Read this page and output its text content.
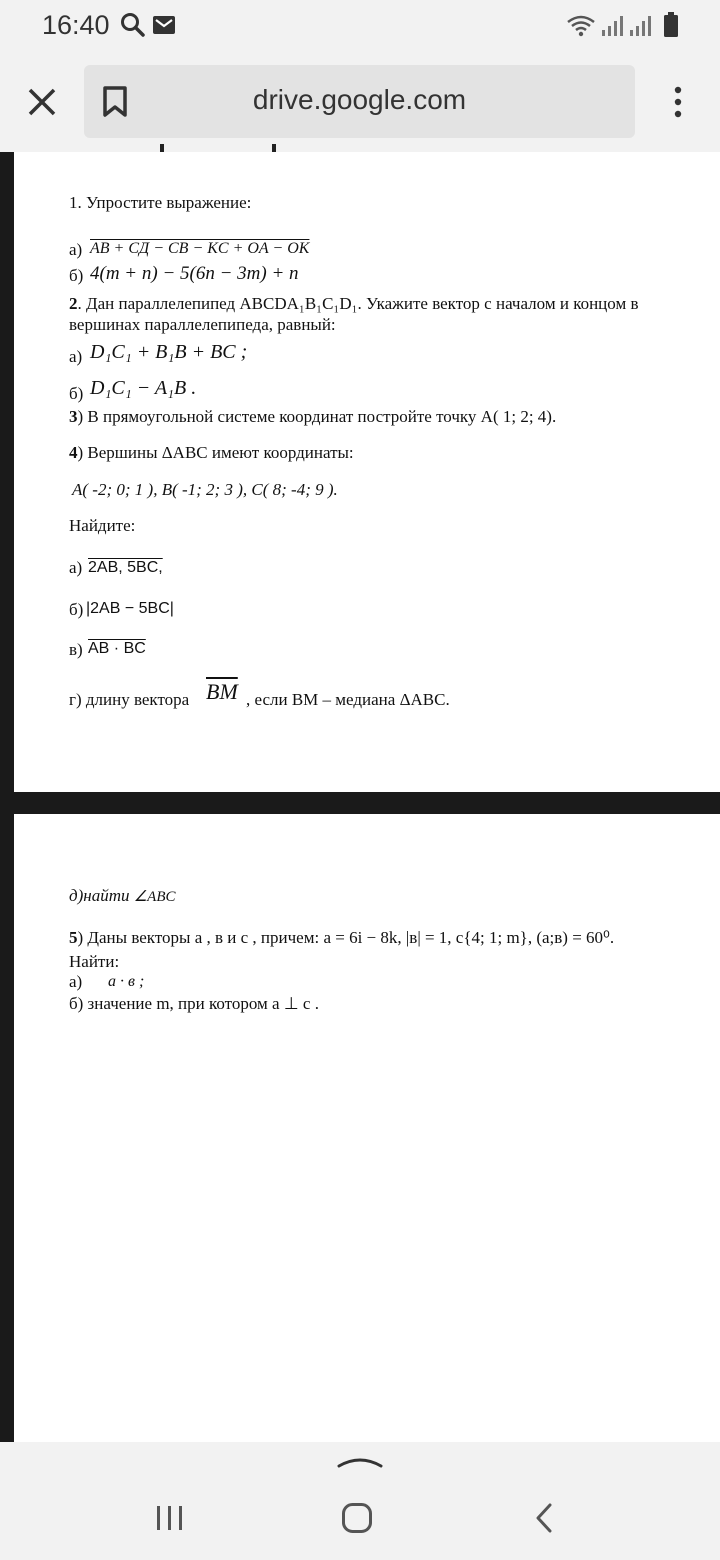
16:40
drive.google.com
1. Упростите выражение:
а) AB + СД − CB − KC + OA − OK
б) 4(m + n) − 5(6n − 3m) + n
2. Дан параллелепипед ABCDA₁B₁C₁D₁. Укажите вектор с началом и концом в
вершинах параллелепипеда, равный:
а) D₁C₁ + B₁B + BC ;
б) D₁C₁ − A₁B .
3) В прямоугольной системе координат постройте точку A( 1; 2; 4).
4) Вершины ΔABC имеют координаты:
A( -2; 0; 1 ), B( -1; 2; 3 ), C( 8; -4; 9 ).
Найдите:
а) 2AB, 5BC,
б) |2AB − 5BC|
в) AB · BC
г) длину вектора $\overline{BM}$ , если BM – медиана ΔABC.
д)найти ∠ABC
5) Даны векторы a , в и c , причем: a = 6i − 8k, |в| = 1, c{4; 1; m}, (a;в) = 60⁰.
Найти:
а) a · в ;
б) значение m, при котором a ⊥ c .
